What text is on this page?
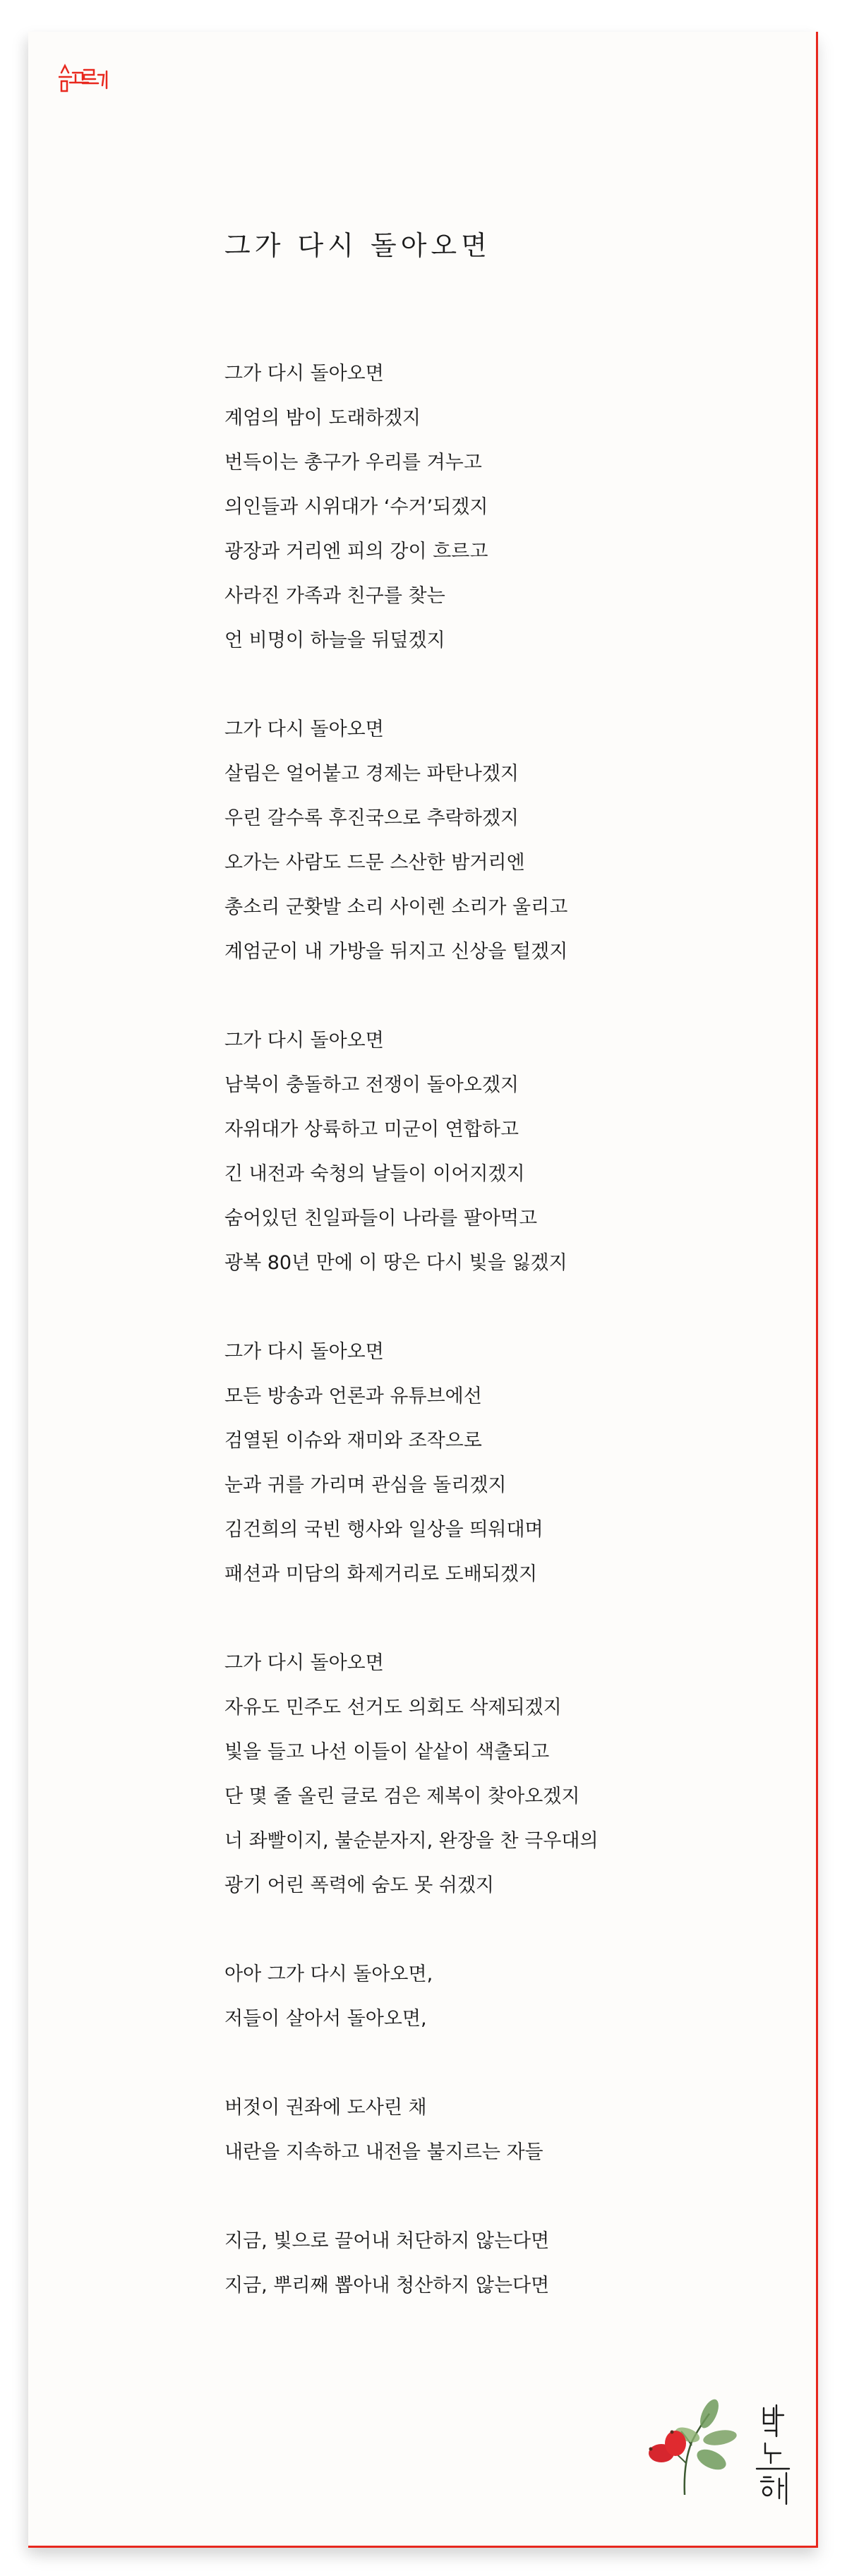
그가 다시 돌아오면
그가 다시 돌아오면
계엄의 밤이 도래하겠지
번득이는 총구가 우리를 겨누고
의인들과 시위대가 ‘수거’되겠지
광장과 거리엔 피의 강이 흐르고
사라진 가족과 친구를 찾는
언 비명이 하늘을 뒤덮겠지
그가 다시 돌아오면
살림은 얼어붙고 경제는 파탄나겠지
우린 갈수록 후진국으로 추락하겠지
오가는 사람도 드문 스산한 밤거리엔
총소리 군홧발 소리 사이렌 소리가 울리고
계엄군이 내 가방을 뒤지고 신상을 털겠지
그가 다시 돌아오면
남북이 충돌하고 전쟁이 돌아오겠지
자위대가 상륙하고 미군이 연합하고
긴 내전과 숙청의 날들이 이어지겠지
숨어있던 친일파들이 나라를 팔아먹고
광복 80년 만에 이 땅은 다시 빛을 잃겠지
그가 다시 돌아오면
모든 방송과 언론과 유튜브에선
검열된 이슈와 재미와 조작으로
눈과 귀를 가리며 관심을 돌리겠지
김건희의 국빈 행사와 일상을 띄워대며
패션과 미담의 화제거리로 도배되겠지
그가 다시 돌아오면
자유도 민주도 선거도 의회도 삭제되겠지
빛을 들고 나선 이들이 샅샅이 색출되고
단 몇 줄 올린 글로 검은 제복이 찾아오겠지
너 좌빨이지, 불순분자지, 완장을 찬 극우대의
광기 어린 폭력에 숨도 못 쉬겠지
아아 그가 다시 돌아오면,
저들이 살아서 돌아오면,
버젓이 권좌에 도사린 채
내란을 지속하고 내전을 불지르는 자들
지금, 빛으로 끌어내 처단하지 않는다면
지금, 뿌리째 뽑아내 청산하지 않는다면
